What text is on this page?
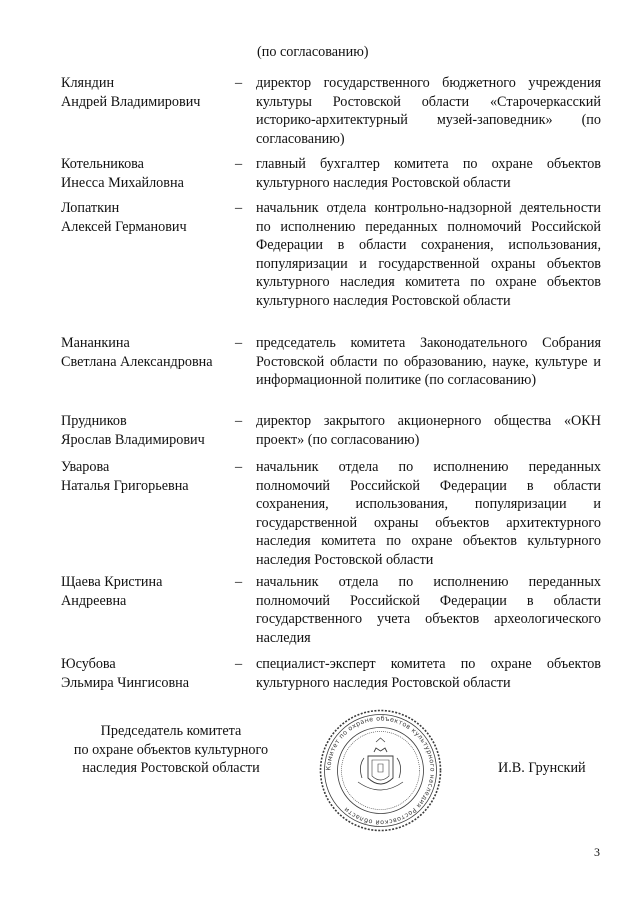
(по согласованию)
Кляндин
Андрей Владимирович
– директор государственного бюджетного учреждения культуры Ростовской области «Старочеркасский историко-архитектурный музей-заповедник» (по согласованию)
Котельникова
Инесса Михайловна
– главный бухгалтер комитета по охране объектов культурного наследия Ростовской области
Лопаткин
Алексей Германович
– начальник отдела контрольно-надзорной деятельности по исполнению переданных полномочий Российской Федерации в области сохранения, использования, популяризации и государственной охраны объектов культурного наследия комитета по охране объектов культурного наследия Ростовской области
Мананкина
Светлана Александровна
– председатель комитета Законодательного Собрания Ростовской области по образованию, науке, культуре и информационной политике (по согласованию)
Прудников
Ярослав Владимирович
– директор закрытого акционерного общества «ОКН проект» (по согласованию)
Уварова
Наталья Григорьевна
– начальник отдела по исполнению переданных полномочий Российской Федерации в области сохранения, использования, популяризации и государственной охраны объектов архитектурного наследия комитета по охране объектов культурного наследия Ростовской области
Щаева Кристина
Андреевна
– начальник отдела по исполнению переданных полномочий Российской Федерации в области государственного учета объектов археологического наследия
Юсубова
Эльмира Чингисовна
– специалист-эксперт комитета по охране объектов культурного наследия Ростовской области
Председатель комитета
по охране объектов культурного
наследия Ростовской области	Комитет по охране объектов культурного наследия Ростовской области
И.В. Грунский
3
